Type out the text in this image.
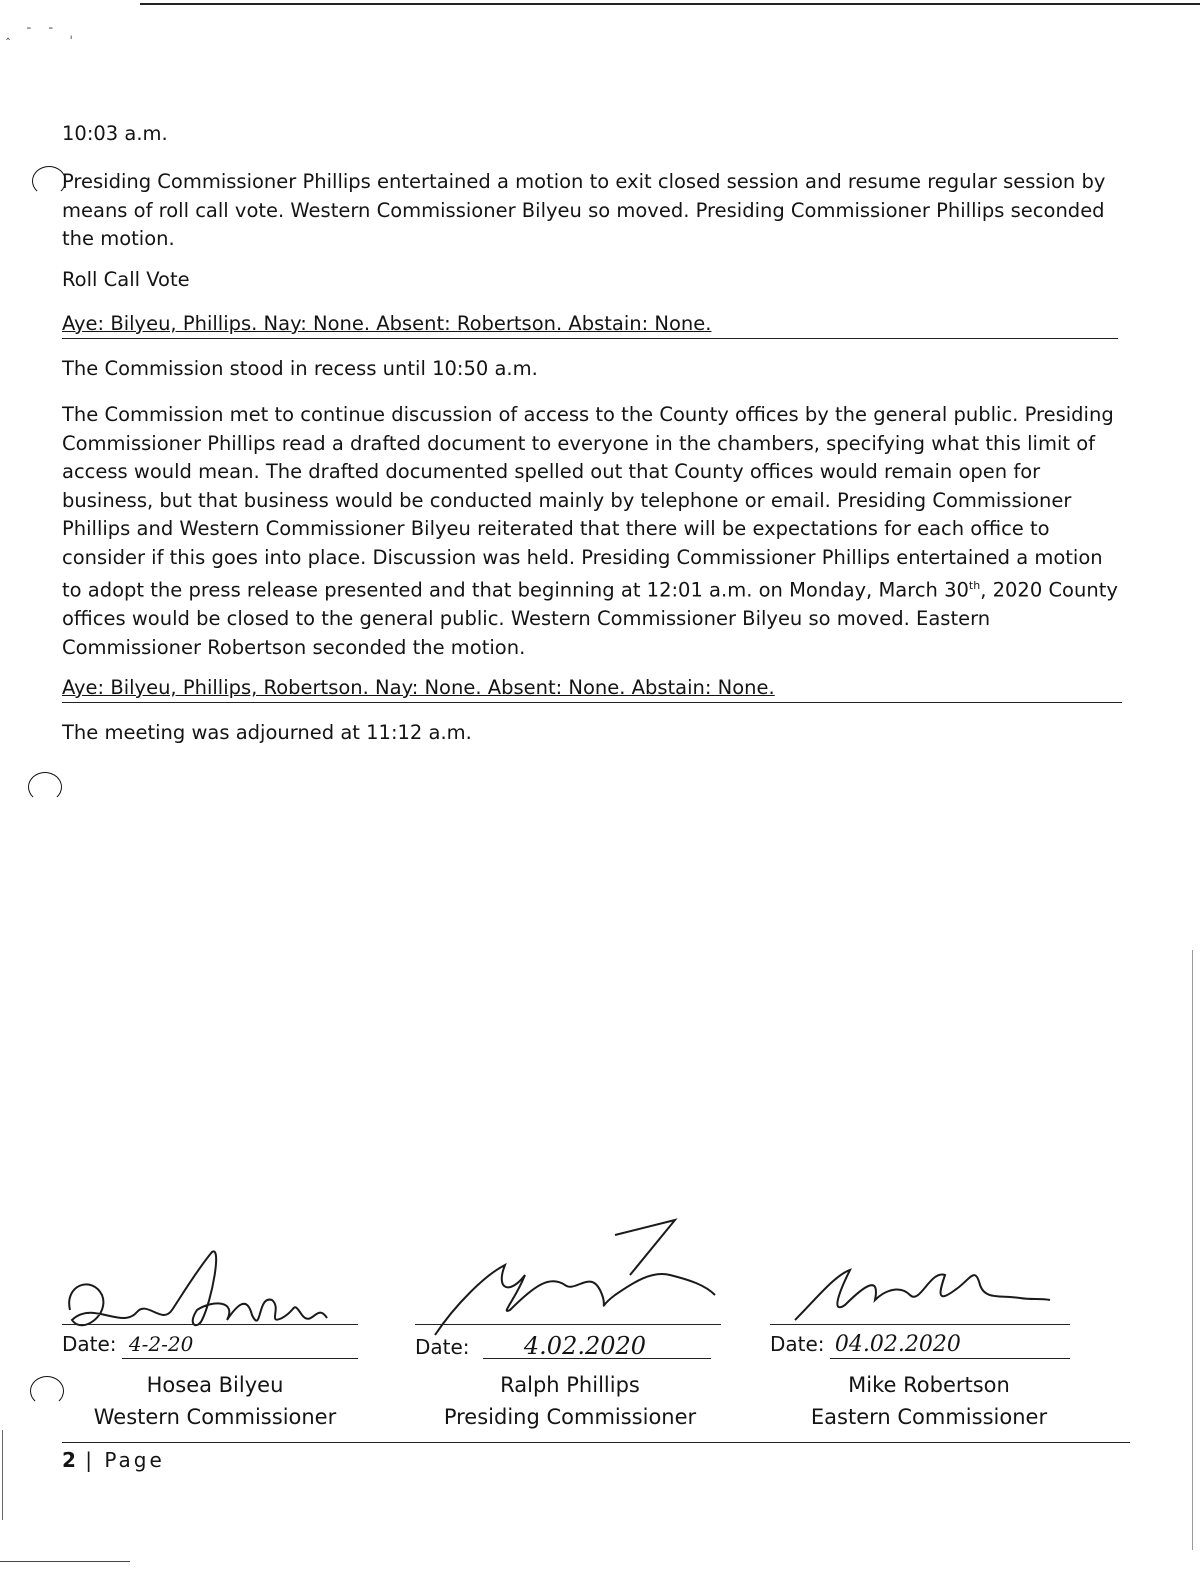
‸ ˉ ˉ ˌ
10:03 a.m.

Presiding Commissioner Phillips entertained a motion to exit closed session and resume regular session by means of roll call vote. Western Commissioner Bilyeu so moved. Presiding Commissioner Phillips seconded the motion.

Roll Call Vote
Aye: Bilyeu, Phillips. Nay: None. Absent: Robertson. Abstain: None.
The Commission stood in recess until 10:50 a.m.

The Commission met to continue discussion of access to the County offices by the general public. Presiding Commissioner Phillips read a drafted document to everyone in the chambers, specifying what this limit of access would mean. The drafted documented spelled out that County offices would remain open for business, but that business would be conducted mainly by telephone or email. Presiding Commissioner Phillips and Western Commissioner Bilyeu reiterated that there will be expectations for each office to consider if this goes into place. Discussion was held. Presiding Commissioner Phillips entertained a motion to adopt the press release presented and that beginning at 12:01 a.m. on Monday, March 30th, 2020 County offices would be closed to the general public. Western Commissioner Bilyeu so moved. Eastern Commissioner Robertson seconded the motion.

Aye: Bilyeu, Phillips, Robertson. Nay: None. Absent: None. Abstain: None.
The meeting was adjourned at 11:12 a.m.
Date: 4-2-20
Hosea Bilyeu
Western Commissioner
Date: 4.02.2020
Ralph Phillips
Presiding Commissioner
Date: 04.02.2020
Mike Robertson
Eastern Commissioner
2 | Page
